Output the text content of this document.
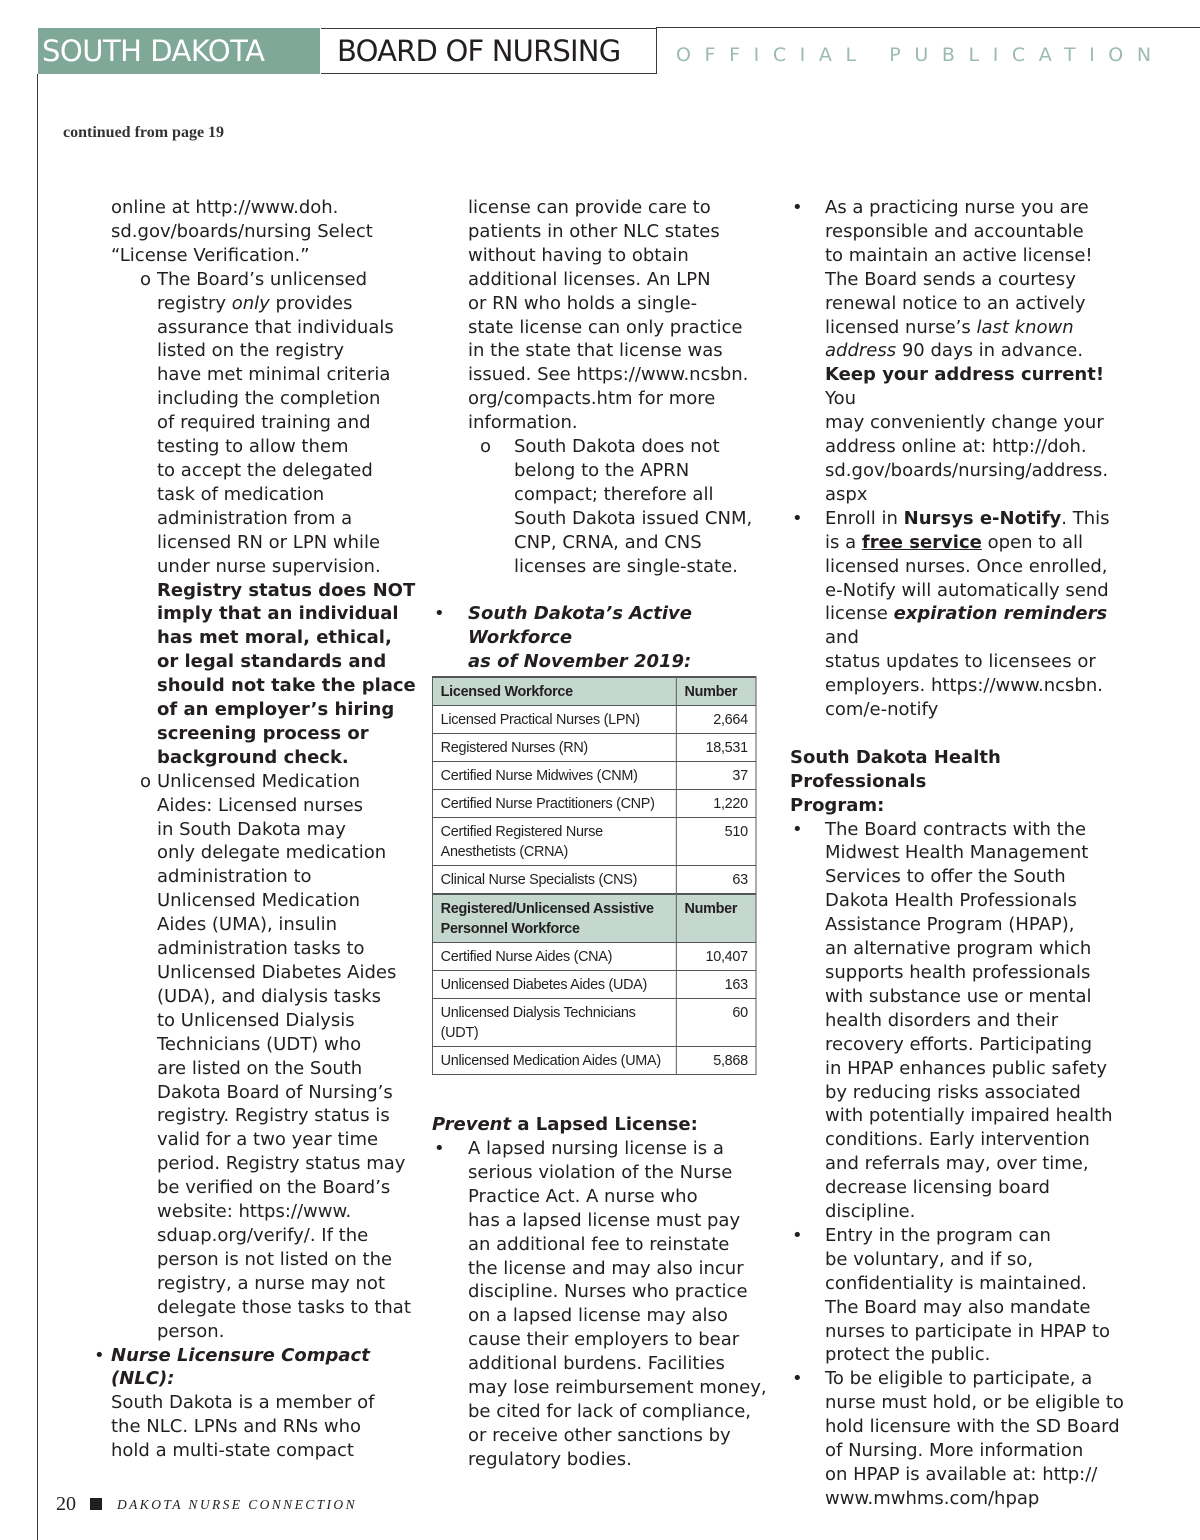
SOUTH DAKOTA	BOARD OF NURSING	OFFICIAL PUBLICATION
continued from page 19

online at http://www.doh.

sd.gov/boards/nursing Select

“License Verification.”

o The Board’s unlicensed

registry only provides

assurance that individuals

listed on the registry

have met minimal criteria

including the completion

of required training and

testing to allow them

to accept the delegated

task of medication

administration from a

licensed RN or LPN while

under nurse supervision.

Registry status does NOT

imply that an individual

has met moral, ethical,

or legal standards and

should not take the place

of an employer’s hiring

screening process or

background check.

o Unlicensed Medication

Aides: Licensed nurses

in South Dakota may

only delegate medication

administration to

Unlicensed Medication

Aides (UMA), insulin

administration tasks to

Unlicensed Diabetes Aides

(UDA), and dialysis tasks

to Unlicensed Dialysis

Technicians (UDT) who

are listed on the South

Dakota Board of Nursing’s

registry. Registry status is

valid for a two year time

period. Registry status may

be verified on the Board’s

website: https://www.

sduap.org/verify/. If the

person is not listed on the

registry, a nurse may not

delegate those tasks to that

person.

• Nurse Licensure Compact (NLC):

South Dakota is a member of

the NLC. LPNs and RNs who

hold a multi-state compact

license can provide care to

patients in other NLC states

without having to obtain

additional licenses. An LPN

or RN who holds a single-

state license can only practice

in the state that license was

issued. See https://www.ncsbn.

org/compacts.htm for more

information.

o South Dakota does not

belong to the APRN

compact; therefore all

South Dakota issued CNM,

CNP, CRNA, and CNS

licenses are single-state.

• South Dakota’s Active Workforce

as of November 2019:

Licensed Workforce	Number
Licensed Practical Nurses (LPN)	2,664
Registered Nurses (RN)	18,531
Certified Nurse Midwives (CNM)	37
Certified Nurse Practitioners (CNP)	1,220
Certified Registered Nurse Anesthetists (CRNA)	510
Clinical Nurse Specialists (CNS)	63
Registered/Unlicensed Assistive Personnel Workforce	Number
Certified Nurse Aides (CNA)	10,407
Unlicensed Diabetes Aides (UDA)	163
Unlicensed Dialysis Technicians (UDT)	60
Unlicensed Medication Aides (UMA)	5,868

Prevent a Lapsed License:

• A lapsed nursing license is a

serious violation of the Nurse

Practice Act. A nurse who

has a lapsed license must pay

an additional fee to reinstate

the license and may also incur

discipline. Nurses who practice

on a lapsed license may also

cause their employers to bear

additional burdens. Facilities

may lose reimbursement money,

be cited for lack of compliance,

or receive other sanctions by

regulatory bodies.

• As a practicing nurse you are

responsible and accountable

to maintain an active license!

The Board sends a courtesy

renewal notice to an actively

licensed nurse’s last known

address 90 days in advance.

Keep your address current! You

may conveniently change your

address online at: http://doh.

sd.gov/boards/nursing/address.

aspx

• Enroll in Nursys e-Notify. This

is a free service open to all

licensed nurses. Once enrolled,

e-Notify will automatically send

license expiration reminders and

status updates to licensees or

employers. https://www.ncsbn.

com/e-notify

South Dakota Health Professionals

Program:

• The Board contracts with the

Midwest Health Management

Services to offer the South

Dakota Health Professionals

Assistance Program (HPAP),

an alternative program which

supports health professionals

with substance use or mental

health disorders and their

recovery efforts. Participating

in HPAP enhances public safety

by reducing risks associated

with potentially impaired health

conditions. Early intervention

and referrals may, over time,

decrease licensing board

discipline.

• Entry in the program can

be voluntary, and if so,

confidentiality is maintained.

The Board may also mandate

nurses to participate in HPAP to

protect the public.

• To be eligible to participate, a

nurse must hold, or be eligible to

hold licensure with the SD Board

of Nursing. More information

on HPAP is available at: http://

www.mwhms.com/hpap

20	DAKOTA NURSE CONNECTION
